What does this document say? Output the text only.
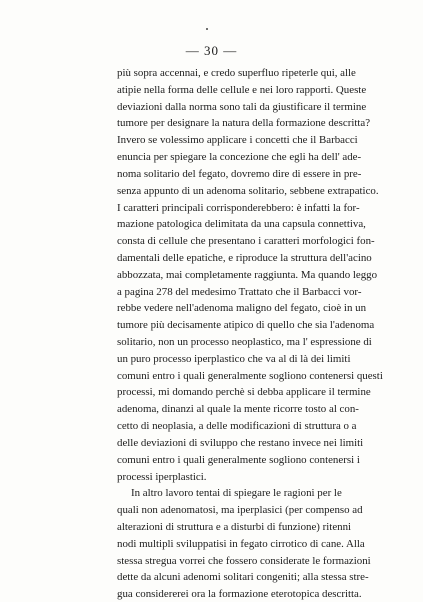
— 30 —
più sopra accennai, e credo superfluo ripeterle qui, alle
atipie nella forma delle cellule e nei loro rapporti. Queste
deviazioni dalla norma sono tali da giustificare il termine
tumore per designare la natura della formazione descritta?
Invero se volessimo applicare i concetti che il Barbacci
enuncia per spiegare la concezione che egli ha dell' ade-
noma solitario del fegato, dovremo dire di essere in pre-
senza appunto di un adenoma solitario, sebbene extrapatico.
I caratteri principali corrisponderebbero: è infatti la for-
mazione patologica delimitata da una capsula connettiva,
consta di cellule che presentano i caratteri morfologici fon-
damentali delle epatiche, e riproduce la struttura dell'acino
abbozzata, mai completamente raggiunta. Ma quando leggo
a pagina 278 del medesimo Trattato che il Barbacci vor-
rebbe vedere nell'adenoma maligno del fegato, cioè in un
tumore più decisamente atipico di quello che sia l'adenoma
solitario, non un processo neoplastico, ma l' espressione di
un puro processo iperplastico che va al di là dei limiti
comuni entro i quali generalmente sogliono contenersi questi
processi, mi domando perchè si debba applicare il termine
adenoma, dinanzi al quale la mente ricorre tosto al con-
cetto di neoplasia, a delle modificazioni di struttura o a
delle deviazioni di sviluppo che restano invece nei limiti
comuni entro i quali generalmente sogliono contenersi i
processi iperplastici.
In altro lavoro tentai di spiegare le ragioni per le
quali non adenomatosi, ma iperplasici (per compenso ad
alterazioni di struttura e a disturbi di funzione) ritenni
nodi multipli sviluppatisi in fegato cirrotico di cane. Alla
stessa stregua vorrei che fossero considerate le formazioni
dette da alcuni adenomi solitari congeniti; alla stessa stre-
gua considererei ora la formazione eterotopica descritta.
